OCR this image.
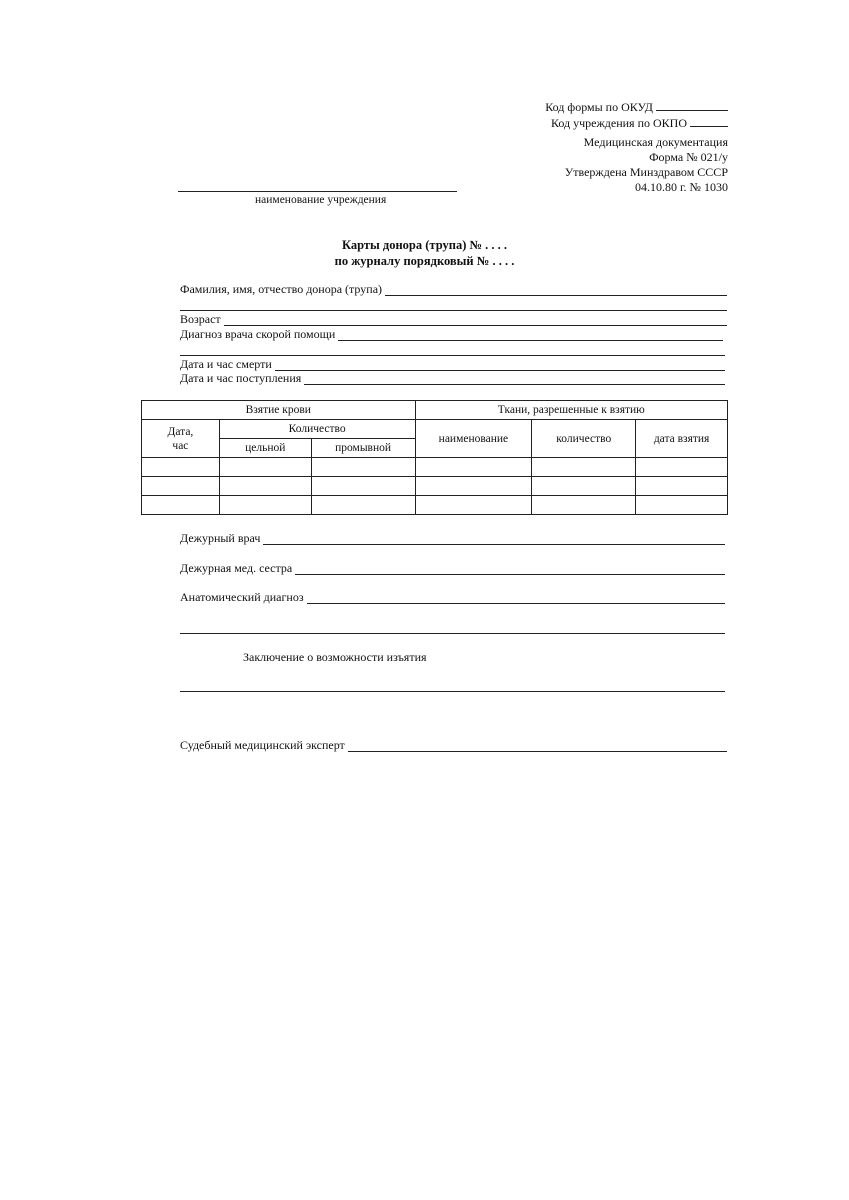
Код формы по ОКУД
Код учреждения по ОКПО
Медицинская документация
Форма № 021/у
Утверждена Минздравом СССР
04.10.80 г. № 1030
наименование учреждения
Карты донора (трупа) № . . . .
по журналу порядковый № . . . .
Фамилия, имя, отчество донора (трупа)
Возраст
Диагноз врача скорой помощи
Дата и час смерти
Дата и час поступления
Взятие крови			Ткани, разрешенные к взятию		
Дата,
час	Количество		наименование	количество	дата взятия
	цельной	промывной			

Дежурный врач
Дежурная мед. сестра
Анатомический диагноз
Заключение о возможности изъятия
Судебный медицинский эксперт
